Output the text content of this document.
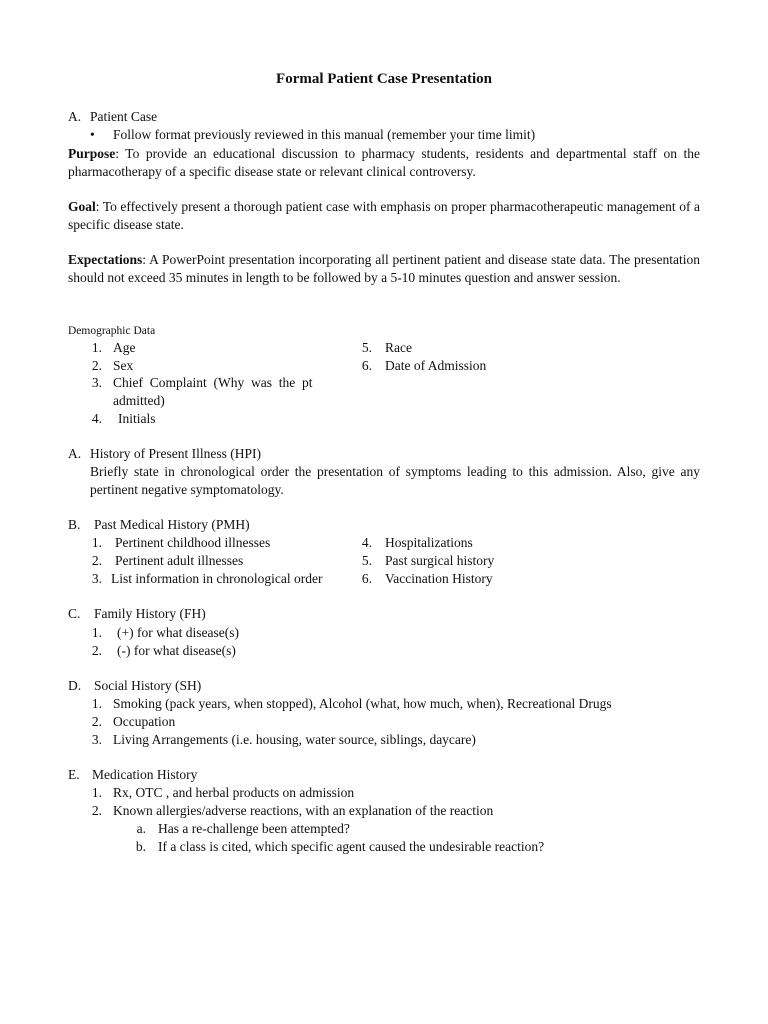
Formal Patient Case Presentation
A. Patient Case
• Follow format previously reviewed in this manual (remember your time limit)
Purpose: To provide an educational discussion to pharmacy students, residents and departmental staff on the pharmacotherapy of a specific disease state or relevant clinical controversy.
Goal: To effectively present a thorough patient case with emphasis on proper pharmacotherapeutic management of a specific disease state.
Expectations: A PowerPoint presentation incorporating all pertinent patient and disease state data. The presentation should not exceed 35 minutes in length to be followed by a 5-10 minutes question and answer session.
Demographic Data
1. Age
2. Sex
3. Chief  Complaint  (Why  was  the  pt
admitted)
4. Initials
5. Race
6. Date of Admission
A. History of Present Illness (HPI)
Briefly state in chronological order the presentation of symptoms leading to this admission. Also, give any pertinent negative symptomatology.
B. Past Medical History (PMH)
1. Pertinent childhood illnesses
2. Pertinent adult illnesses
3. List information in chronological order
4. Hospitalizations
5. Past surgical history
6. Vaccination History
C. Family History (FH)
1. (+) for what disease(s)
2. (-) for what disease(s)
D. Social History (SH)
1. Smoking (pack years, when stopped), Alcohol (what, how much, when), Recreational Drugs
2. Occupation
3. Living Arrangements (i.e. housing, water source, siblings, daycare)
E. Medication History
1. Rx, OTC , and herbal products on admission
2. Known allergies/adverse reactions, with an explanation of the reaction
a. Has a re-challenge been attempted?
b. If a class is cited, which specific agent caused the undesirable reaction?
